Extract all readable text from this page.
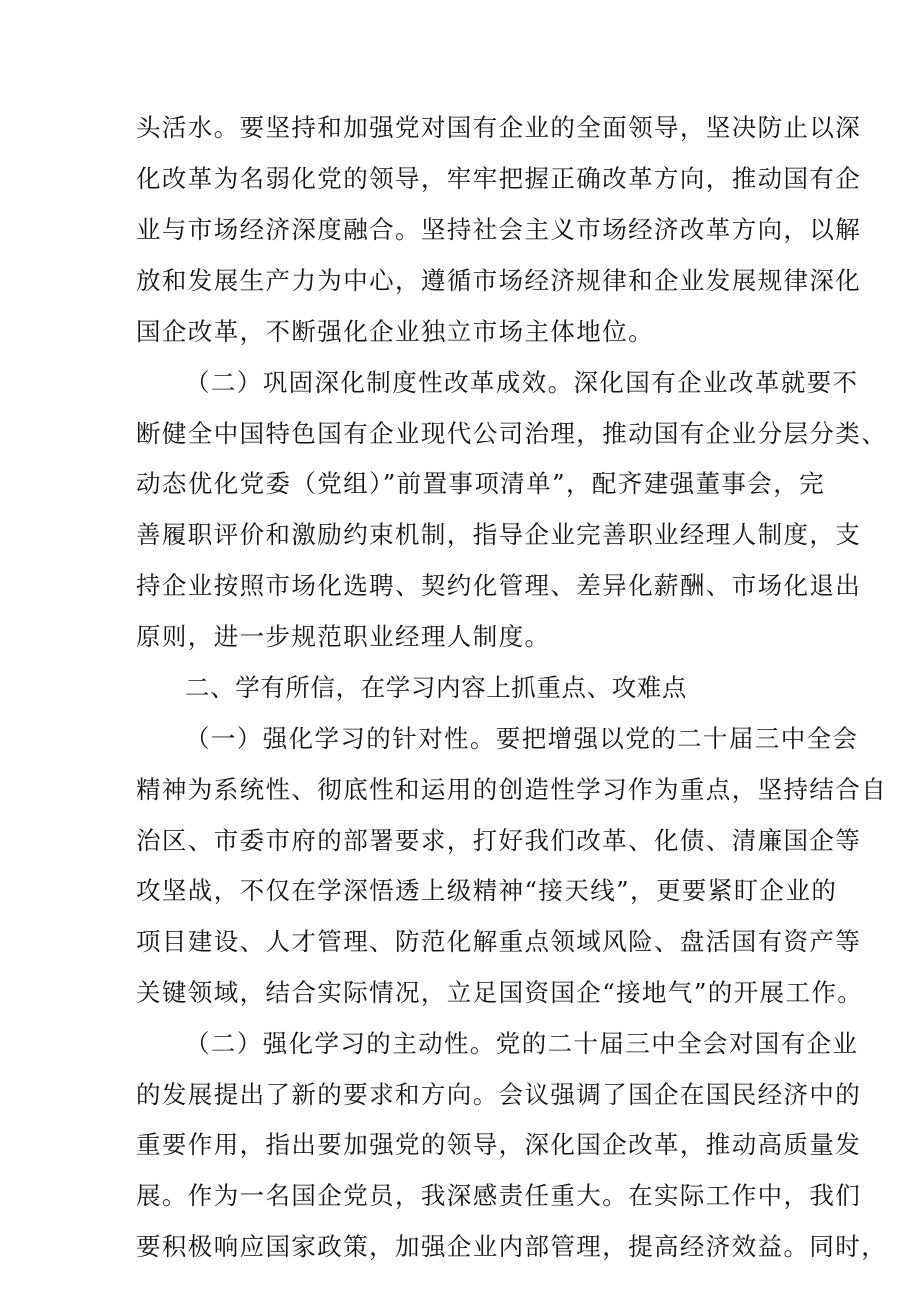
头活水。要坚持和加强党对国有企业的全面领导，坚决防止以深
化改革为名弱化党的领导，牢牢把握正确改革方向，推动国有企
业与市场经济深度融合。坚持社会主义市场经济改革方向，以解
放和发展生产力为中心，遵循市场经济规律和企业发展规律深化
国企改革，不断强化企业独立市场主体地位。
（二）巩固深化制度性改革成效。深化国有企业改革就要不
断健全中国特色国有企业现代公司治理，推动国有企业分层分类、
动态优化党委（党组）”前置事项清单”，配齐建强董事会，完
善履职评价和激励约束机制，指导企业完善职业经理人制度，支
持企业按照市场化选聘、契约化管理、差异化薪酬、市场化退出
原则，进一步规范职业经理人制度。
二、学有所信，在学习内容上抓重点、攻难点
（一）强化学习的针对性。要把增强以党的二十届三中全会
精神为系统性、彻底性和运用的创造性学习作为重点，坚持结合自
治区、市委市府的部署要求，打好我们改革、化债、清廉国企等
攻坚战，不仅在学深悟透上级精神“接天线”，更要紧盯企业的
项目建设、人才管理、防范化解重点领域风险、盘活国有资产等
关键领域，结合实际情况，立足国资国企“接地气”的开展工作。
（二）强化学习的主动性。党的二十届三中全会对国有企业
的发展提出了新的要求和方向。会议强调了国企在国民经济中的
重要作用，指出要加强党的领导，深化国企改革，推动高质量发
展。作为一名国企党员，我深感责任重大。在实际工作中，我们
要积极响应国家政策，加强企业内部管理，提高经济效益。同时，
